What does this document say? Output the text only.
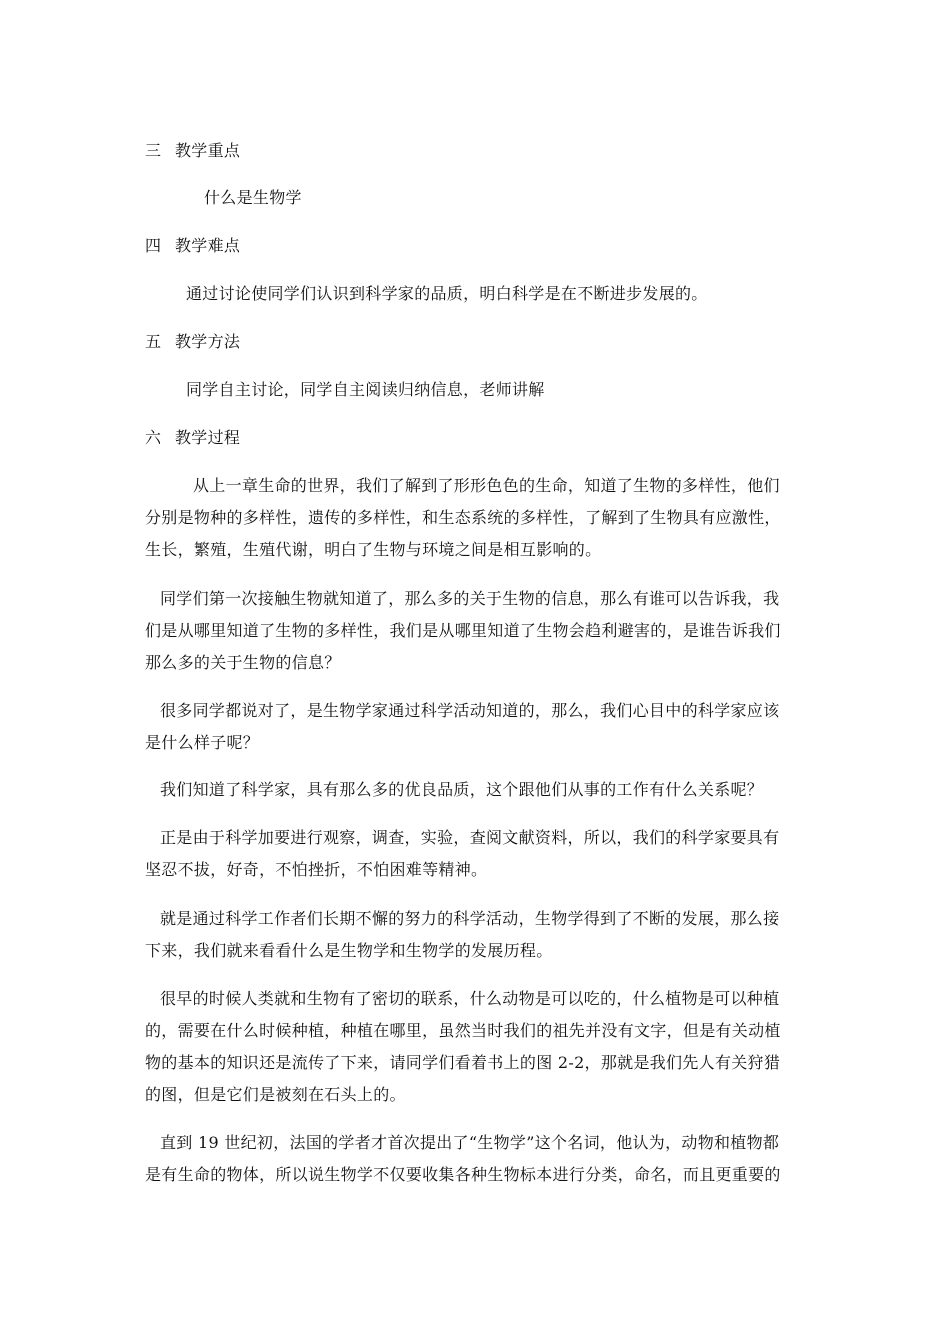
三 教学重点
什么是生物学
四 教学难点
通过讨论使同学们认识到科学家的品质，明白科学是在不断进步发展的。
五 教学方法
同学自主讨论，同学自主阅读归纳信息，老师讲解
六 教学过程
从上一章生命的世界，我们了解到了形形色色的生命，知道了生物的多样性，他们
分别是物种的多样性，遗传的多样性，和生态系统的多样性，了解到了生物具有应激性，
生长，繁殖，生殖代谢，明白了生物与环境之间是相互影响的。
同学们第一次接触生物就知道了，那么多的关于生物的信息，那么有谁可以告诉我，我
们是从哪里知道了生物的多样性，我们是从哪里知道了生物会趋利避害的，是谁告诉我们
那么多的关于生物的信息？
很多同学都说对了，是生物学家通过科学活动知道的，那么，我们心目中的科学家应该
是什么样子呢？
我们知道了科学家，具有那么多的优良品质，这个跟他们从事的工作有什么关系呢？
正是由于科学加要进行观察，调查，实验，查阅文献资料，所以，我们的科学家要具有
坚忍不拔，好奇，不怕挫折，不怕困难等精神。
就是通过科学工作者们长期不懈的努力的科学活动，生物学得到了不断的发展，那么接
下来，我们就来看看什么是生物学和生物学的发展历程。
很早的时候人类就和生物有了密切的联系，什么动物是可以吃的，什么植物是可以种植
的，需要在什么时候种植，种植在哪里，虽然当时我们的祖先并没有文字，但是有关动植
物的基本的知识还是流传了下来，请同学们看着书上的图 2-2，那就是我们先人有关狩猎
的图，但是它们是被刻在石头上的。
直到 19 世纪初，法国的学者才首次提出了“生物学”这个名词，他认为，动物和植物都
是有生命的物体，所以说生物学不仅要收集各种生物标本进行分类，命名，而且更重要的
